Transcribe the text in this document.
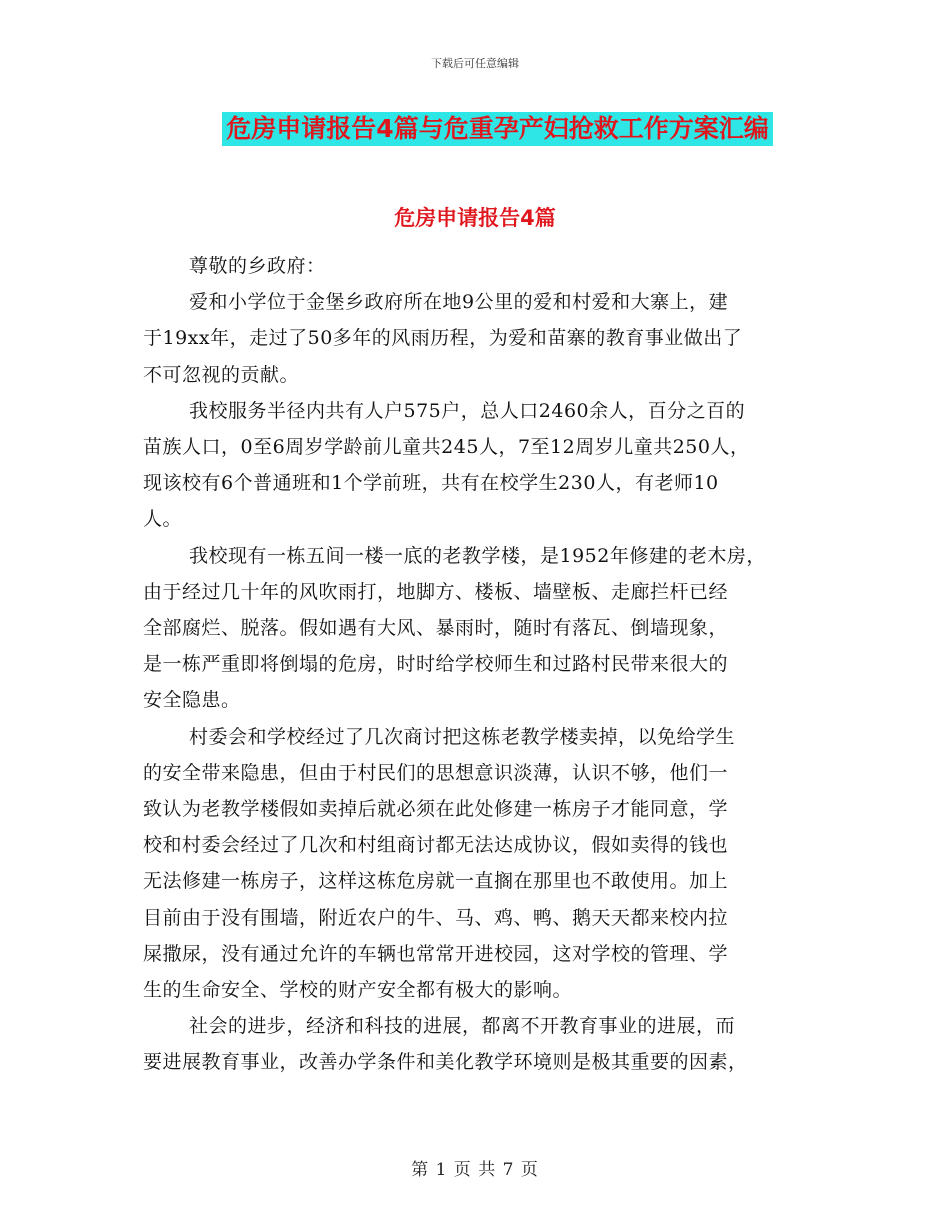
下载后可任意编辑
危房申请报告4篇与危重孕产妇抢救工作方案汇编
危房申请报告4篇
尊敬的乡政府：
爱和小学位于金堡乡政府所在地9公里的爱和村爱和大寨上，建
于19xx年，走过了50多年的风雨历程，为爱和苗寨的教育事业做出了
不可忽视的贡献。
我校服务半径内共有人户575户，总人口2460余人，百分之百的
苗族人口，0至6周岁学龄前儿童共245人，7至12周岁儿童共250人，
现该校有6个普通班和1个学前班，共有在校学生230人，有老师10
人。
我校现有一栋五间一楼一底的老教学楼，是1952年修建的老木房，
由于经过几十年的风吹雨打，地脚方、楼板、墙壁板、走廊拦杆已经
全部腐烂、脱落。假如遇有大风、暴雨时，随时有落瓦、倒墙现象，
是一栋严重即将倒塌的危房，时时给学校师生和过路村民带来很大的
安全隐患。
村委会和学校经过了几次商讨把这栋老教学楼卖掉，以免给学生
的安全带来隐患，但由于村民们的思想意识淡薄，认识不够，他们一
致认为老教学楼假如卖掉后就必须在此处修建一栋房子才能同意，学
校和村委会经过了几次和村组商讨都无法达成协议，假如卖得的钱也
无法修建一栋房子，这样这栋危房就一直搁在那里也不敢使用。加上
目前由于没有围墙，附近农户的牛、马、鸡、鸭、鹅天天都来校内拉
屎撒尿，没有通过允许的车辆也常常开进校园，这对学校的管理、学
生的生命安全、学校的财产安全都有极大的影响。
社会的进步，经济和科技的进展，都离不开教育事业的进展，而
要进展教育事业，改善办学条件和美化教学环境则是极其重要的因素，
第 1 页 共 7 页
